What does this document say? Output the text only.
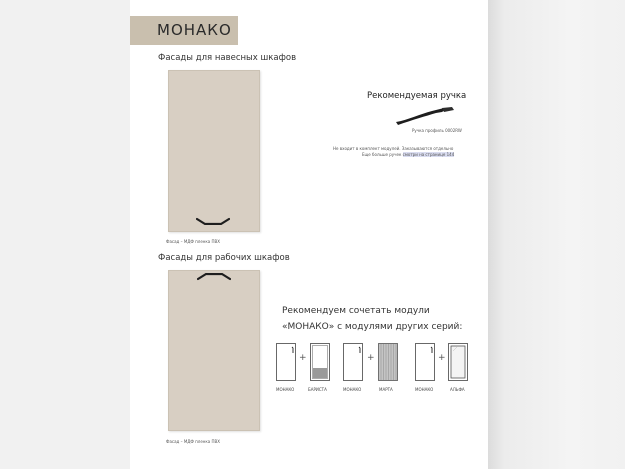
МОНАКО
Фасады для навесных шкафов
Фасад – МДФ пленка ПВХ
Фасады для рабочих шкафов
Фасад – МДФ пленка ПВХ
Рекомендуемая ручка
Ручка профиль 0002RW
Не входит в комплект модулей. Заказываются отдельно
Еще больше ручек смотри на странице 144
Рекомендуем сочетать модули
«МОНАКО» с модулями других серий:
+
МОНАКО	БАРИСТА
+
МОНАКО	МАРТА
+
МОНАКО	АЛЬФА
